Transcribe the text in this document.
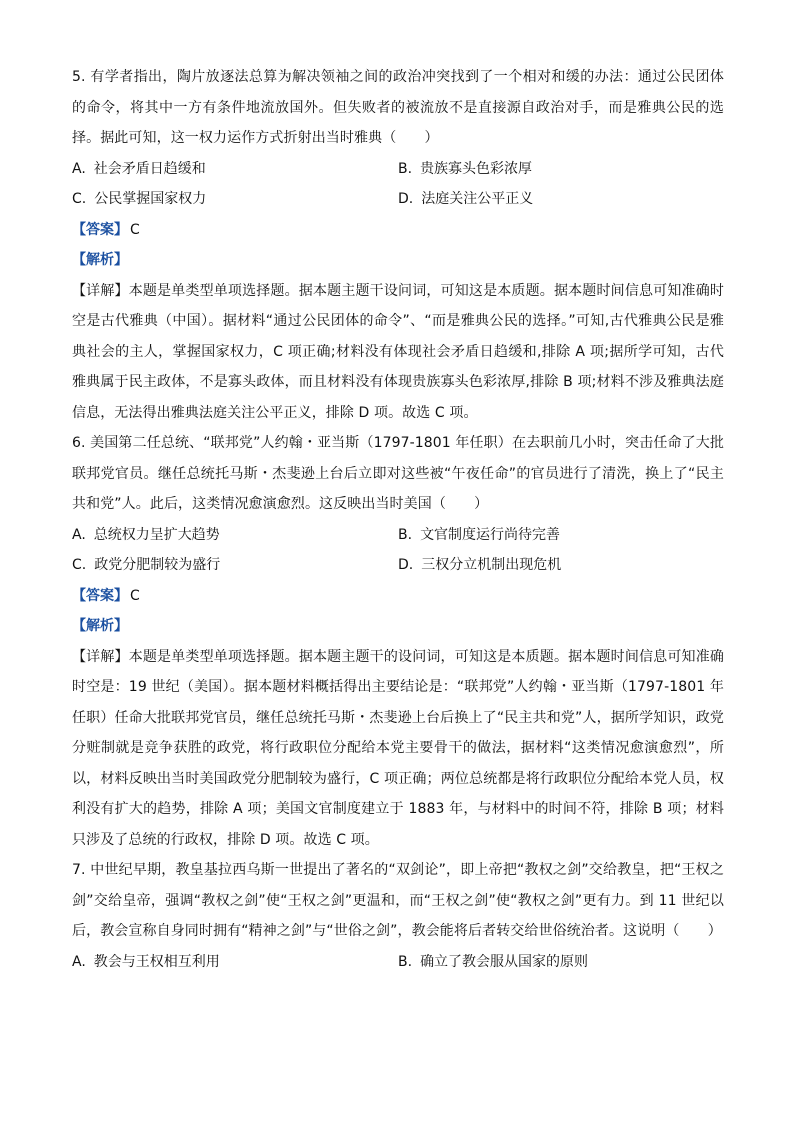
5. 有学者指出，陶片放逐法总算为解决领袖之间的政治冲突找到了一个相对和缓的办法：通过公民团体的命令，将其中一方有条件地流放国外。但失败者的被流放不是直接源自政治对手，而是雅典公民的选择。据此可知，这一权力运作方式折射出当时雅典（　　）

A. 社会矛盾日趋缓和	B. 贵族寡头色彩浓厚
C. 公民掌握国家权力	D. 法庭关注公平正义

【答案】 C

【解析】

【详解】本题是单类型单项选择题。据本题主题干设问词，可知这是本质题。据本题时间信息可知准确时空是古代雅典（中国）。据材料“通过公民团体的命令”、“而是雅典公民的选择。”可知,古代雅典公民是雅典社会的主人，掌握国家权力，C 项正确;材料没有体现社会矛盾日趋缓和,排除 A 项;据所学可知，古代雅典属于民主政体，不是寡头政体，而且材料没有体现贵族寡头色彩浓厚,排除 B 项;材料不涉及雅典法庭信息，无法得出雅典法庭关注公平正义，排除 D 项。故选 C 项。

6. 美国第二任总统、“联邦党”人约翰・亚当斯（1797-1801 年任职）在去职前几小时，突击任命了大批联邦党官员。继任总统托马斯・杰斐逊上台后立即对这些被“午夜任命”的官员进行了清洗，换上了“民主共和党”人。此后，这类情况愈演愈烈。这反映出当时美国（　　）

A. 总统权力呈扩大趋势	B. 文官制度运行尚待完善
C. 政党分肥制较为盛行	D. 三权分立机制出现危机

【答案】 C

【解析】

【详解】本题是单类型单项选择题。据本题主题干的设问词，可知这是本质题。据本题时间信息可知准确时空是：19 世纪（美国）。据本题材料概括得出主要结论是：“联邦党”人约翰・亚当斯（1797-1801 年任职）任命大批联邦党官员，继任总统托马斯・杰斐逊上台后换上了“民主共和党”人，据所学知识，政党分赃制就是竞争获胜的政党，将行政职位分配给本党主要骨干的做法，据材料“这类情况愈演愈烈”，所以，材料反映出当时美国政党分肥制较为盛行，C 项正确；两位总统都是将行政职位分配给本党人员，权利没有扩大的趋势，排除 A 项；美国文官制度建立于 1883 年，与材料中的时间不符，排除 B 项；材料只涉及了总统的行政权，排除 D 项。故选 C 项。

7. 中世纪早期，教皇基拉西乌斯一世提出了著名的“双剑论”，即上帝把“教权之剑”交给教皇，把“王权之剑”交给皇帝，强调“教权之剑”使“王权之剑”更温和，而“王权之剑”使“教权之剑”更有力。到 11 世纪以后，教会宣称自身同时拥有“精神之剑”与“世俗之剑”，教会能将后者转交给世俗统治者。这说明（　　）

A. 教会与王权相互利用	B. 确立了教会服从国家的原则
